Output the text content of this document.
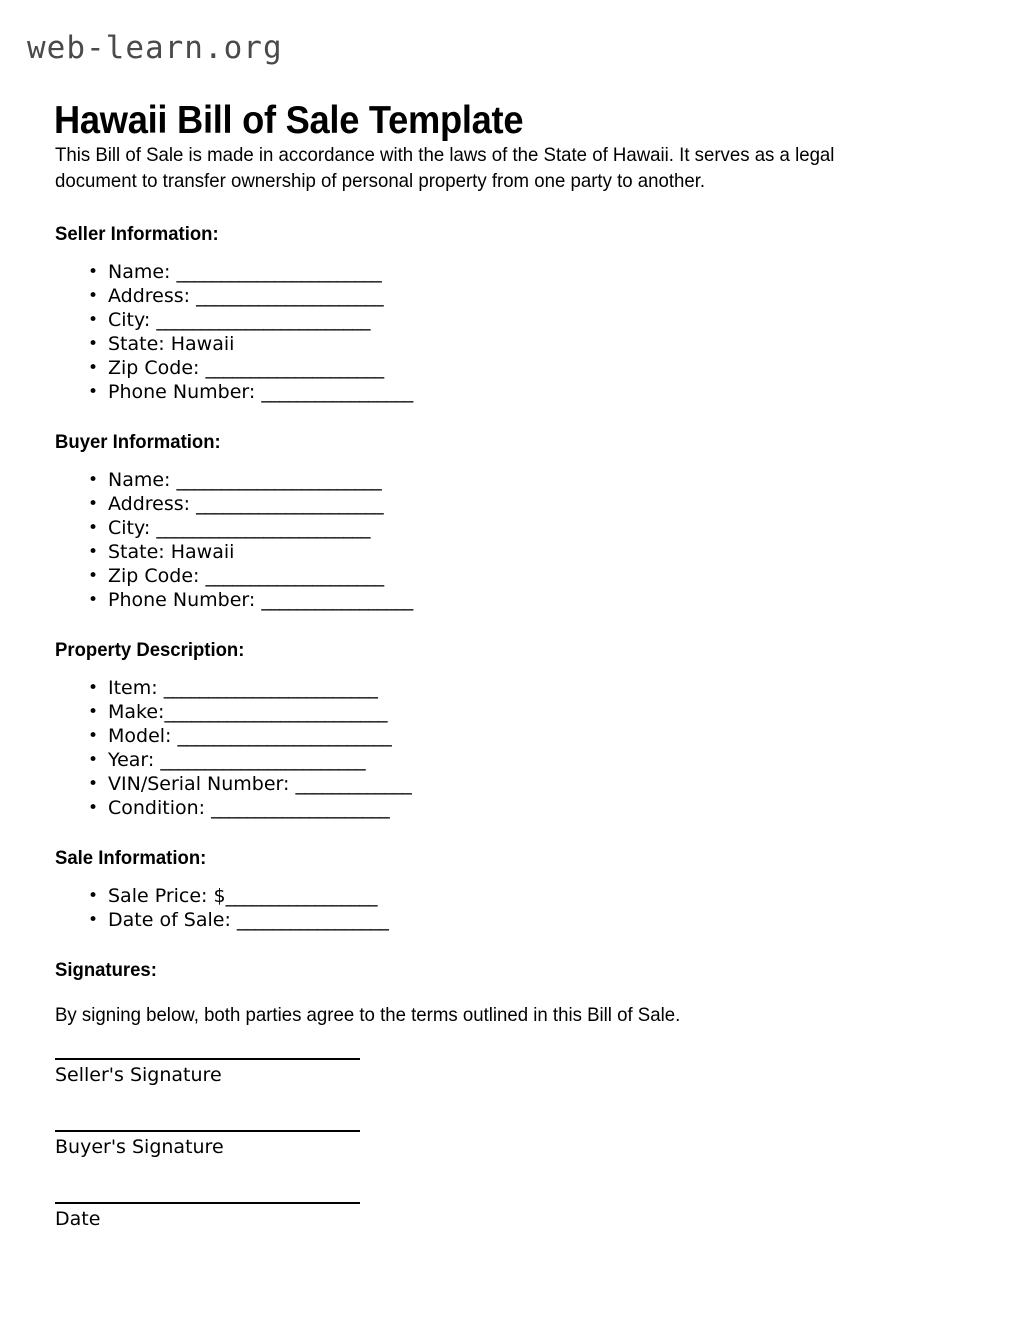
web-learn.org
Hawaii Bill of Sale Template

This Bill of Sale is made in accordance with the laws of the State of Hawaii. It serves as a legal document to transfer ownership of personal property from one party to another.

Seller Information:
• Name: _______________________
• Address: _____________________
• City: ________________________
• State: Hawaii
• Zip Code: ____________________
• Phone Number: _________________
Buyer Information:
• Name: _______________________
• Address: _____________________
• City: ________________________
• State: Hawaii
• Zip Code: ____________________
• Phone Number: _________________
Property Description:
• Item: ________________________
• Make:_________________________
• Model: ________________________
• Year: _______________________
• VIN/Serial Number: _____________
• Condition: ____________________
Sale Information:
• Sale Price: $_________________
• Date of Sale: _________________
Signatures:

By signing below, both parties agree to the terms outlined in this Bill of Sale.

Seller's Signature
Buyer's Signature
Date
